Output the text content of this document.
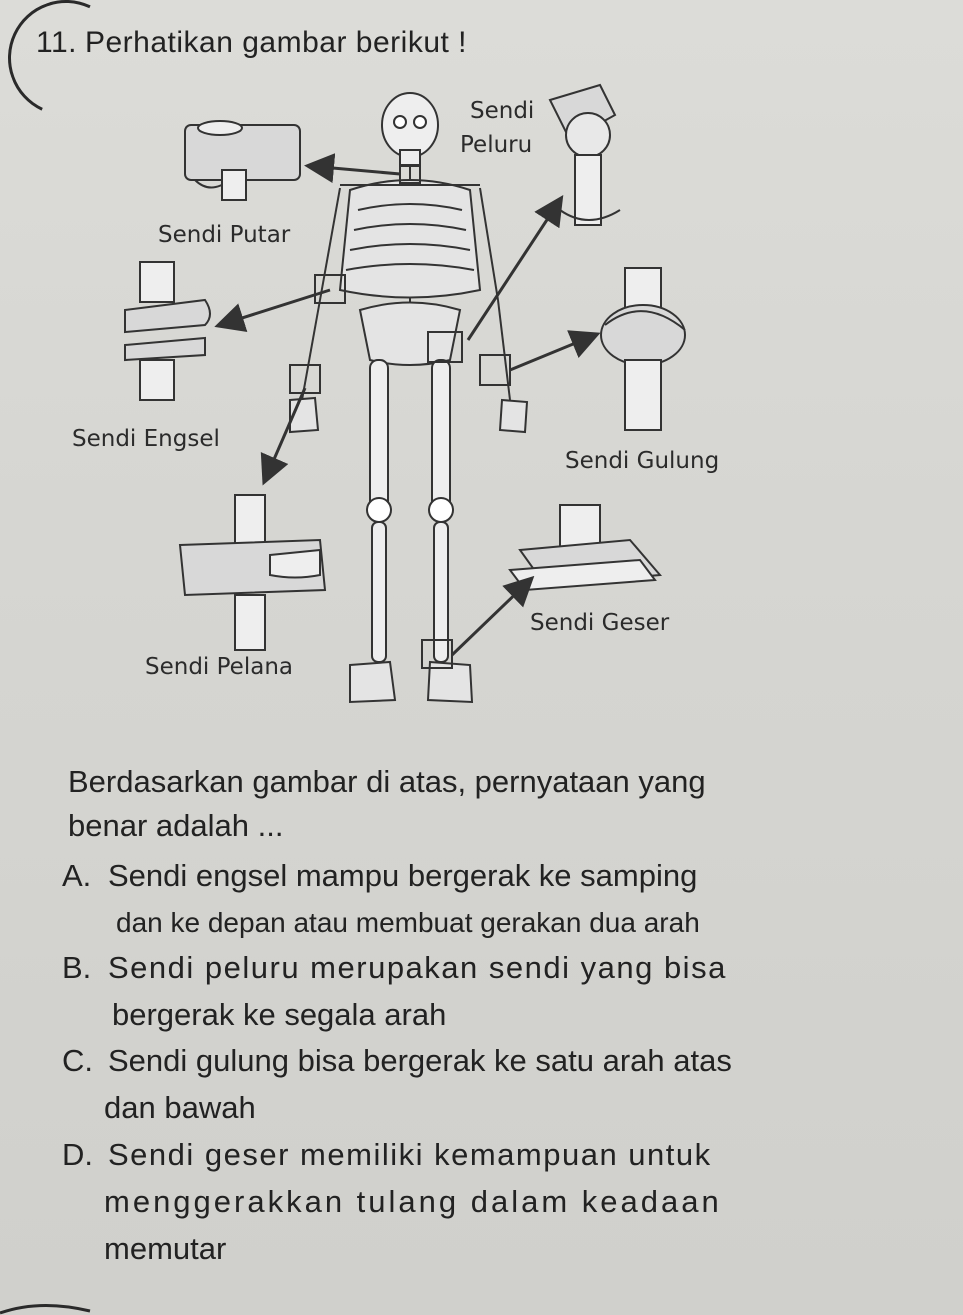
11. Perhatikan gambar berikut !
Sendi
Peluru
Sendi Putar
Sendi Engsel
Sendi Gulung
Sendi Geser
Sendi Pelana
Berdasarkan gambar di atas, pernyataan yang
benar adalah ...
A. Sendi engsel mampu bergerak ke samping
dan ke depan atau membuat gerakan dua arah
B. Sendi peluru merupakan sendi yang bisa
bergerak ke segala arah
C. Sendi gulung bisa bergerak ke satu arah atas
dan bawah
D. Sendi geser memiliki kemampuan untuk
menggerakkan tulang dalam keadaan
memutar
